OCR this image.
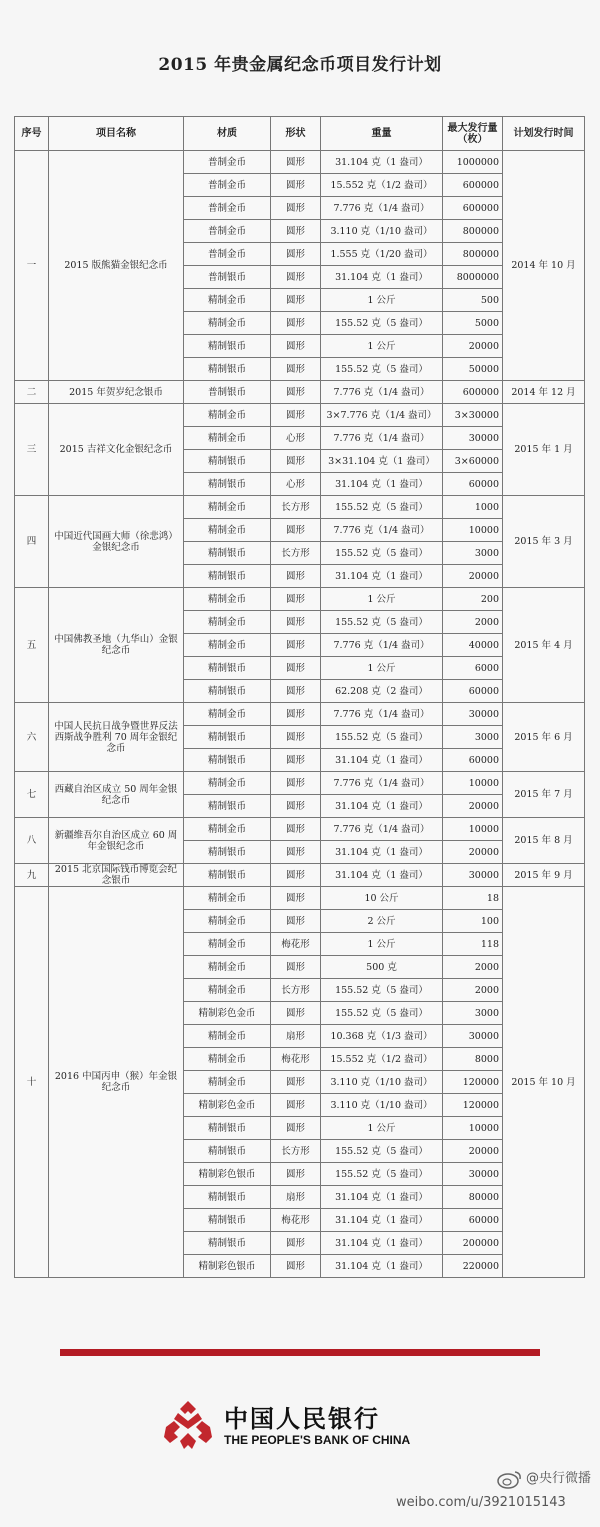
2015 年贵金属纪念币项目发行计划
序号	项目名称	材质	形状	重量	最大发行量（枚）	计划发行时间
一	2015 版熊猫金银纪念币	普制金币	圆形	31.104 克（1 盎司）	1000000	2014 年 10 月
		普制金币	圆形	15.552 克（1/2 盎司）	600000	
		普制金币	圆形	7.776 克（1/4 盎司）	600000	
		普制金币	圆形	3.110 克（1/10 盎司）	800000	
		普制金币	圆形	1.555 克（1/20 盎司）	800000	
		普制银币	圆形	31.104 克（1 盎司）	8000000	
		精制金币	圆形	1 公斤	500	
		精制金币	圆形	155.52 克（5 盎司）	5000	
		精制银币	圆形	1 公斤	20000	
		精制银币	圆形	155.52 克（5 盎司）	50000	
二	2015 年贺岁纪念银币	普制银币	圆形	7.776 克（1/4 盎司）	600000	2014 年 12 月
三	2015 吉祥文化金银纪念币	精制金币	圆形	3×7.776 克（1/4 盎司）	3×30000	2015 年 1 月
		精制金币	心形	7.776 克（1/4 盎司）	30000	
		精制银币	圆形	3×31.104 克（1 盎司）	3×60000	
		精制银币	心形	31.104 克（1 盎司）	60000	
四	中国近代国画大师（徐悲鸿）金银纪念币	精制金币	长方形	155.52 克（5 盎司）	1000	2015 年 3 月
		精制金币	圆形	7.776 克（1/4 盎司）	10000	
		精制银币	长方形	155.52 克（5 盎司）	3000	
		精制银币	圆形	31.104 克（1 盎司）	20000	
五	中国佛教圣地（九华山）金银纪念币	精制金币	圆形	1 公斤	200	2015 年 4 月
		精制金币	圆形	155.52 克（5 盎司）	2000	
		精制金币	圆形	7.776 克（1/4 盎司）	40000	
		精制银币	圆形	1 公斤	6000	
		精制银币	圆形	62.208 克（2 盎司）	60000	
六	中国人民抗日战争暨世界反法西斯战争胜利 70 周年金银纪念币	精制金币	圆形	7.776 克（1/4 盎司）	30000	2015 年 6 月
		精制银币	圆形	155.52 克（5 盎司）	3000	
		精制银币	圆形	31.104 克（1 盎司）	60000	
七	西藏自治区成立 50 周年金银纪念币	精制金币	圆形	7.776 克（1/4 盎司）	10000	2015 年 7 月
		精制银币	圆形	31.104 克（1 盎司）	20000	
八	新疆维吾尔自治区成立 60 周年金银纪念币	精制金币	圆形	7.776 克（1/4 盎司）	10000	2015 年 8 月
		精制银币	圆形	31.104 克（1 盎司）	20000	
九	2015 北京国际钱币博览会纪念银币	精制银币	圆形	31.104 克（1 盎司）	30000	2015 年 9 月
十	2016 中国丙申（猴）年金银纪念币	精制金币	圆形	10 公斤	18	2015 年 10 月
		精制金币	圆形	2 公斤	100	
		精制金币	梅花形	1 公斤	118	
		精制金币	圆形	500 克	2000	
		精制金币	长方形	155.52 克（5 盎司）	2000	
		精制彩色金币	圆形	155.52 克（5 盎司）	3000	
		精制金币	扇形	10.368 克（1/3 盎司）	30000	
		精制金币	梅花形	15.552 克（1/2 盎司）	8000	
		精制金币	圆形	3.110 克（1/10 盎司）	120000	
		精制彩色金币	圆形	3.110 克（1/10 盎司）	120000	
		精制银币	圆形	1 公斤	10000	
		精制银币	长方形	155.52 克（5 盎司）	20000	
		精制彩色银币	圆形	155.52 克（5 盎司）	30000	
		精制银币	扇形	31.104 克（1 盎司）	80000	
		精制银币	梅花形	31.104 克（1 盎司）	60000	
		精制银币	圆形	31.104 克（1 盎司）	200000	
		精制彩色银币	圆形	31.104 克（1 盎司）	220000	
中国人民银行
THE PEOPLE'S BANK OF CHINA
@央行微播
weibo.com/u/3921015143
